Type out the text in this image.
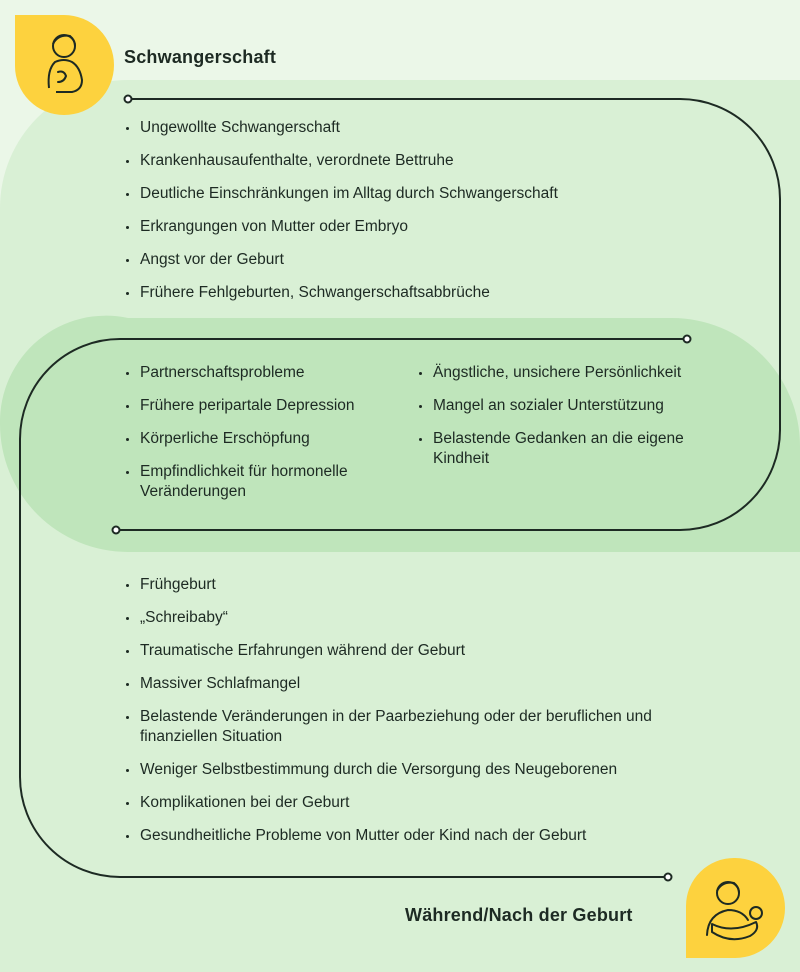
Schwangerschaft
Ungewollte Schwangerschaft
Krankenhausaufenthalte, verordnete Bettruhe
Deutliche Einschränkungen im Alltag durch Schwangerschaft
Erkrangungen von Mutter oder Embryo
Angst vor der Geburt
Frühere Fehlgeburten, Schwangerschaftsabbrüche
Partnerschaftsprobleme
Frühere peripartale Depression
Körperliche Erschöpfung
Empfindlichkeit für hormonelle Veränderungen
Ängstliche, unsichere Persönlichkeit
Mangel an sozialer Unterstützung
Belastende Gedanken an die eigene Kindheit
Frühgeburt
„Schreibaby“
Traumatische Erfahrungen während der Geburt
Massiver Schlafmangel
Belastende Veränderungen in der Paarbeziehung oder der beruflichen und finanziellen Situation
Weniger Selbstbestimmung durch die Versorgung des Neugeborenen
Komplikationen bei der Geburt
Gesundheitliche Probleme von Mutter oder Kind nach der Geburt
Während/Nach der Geburt
